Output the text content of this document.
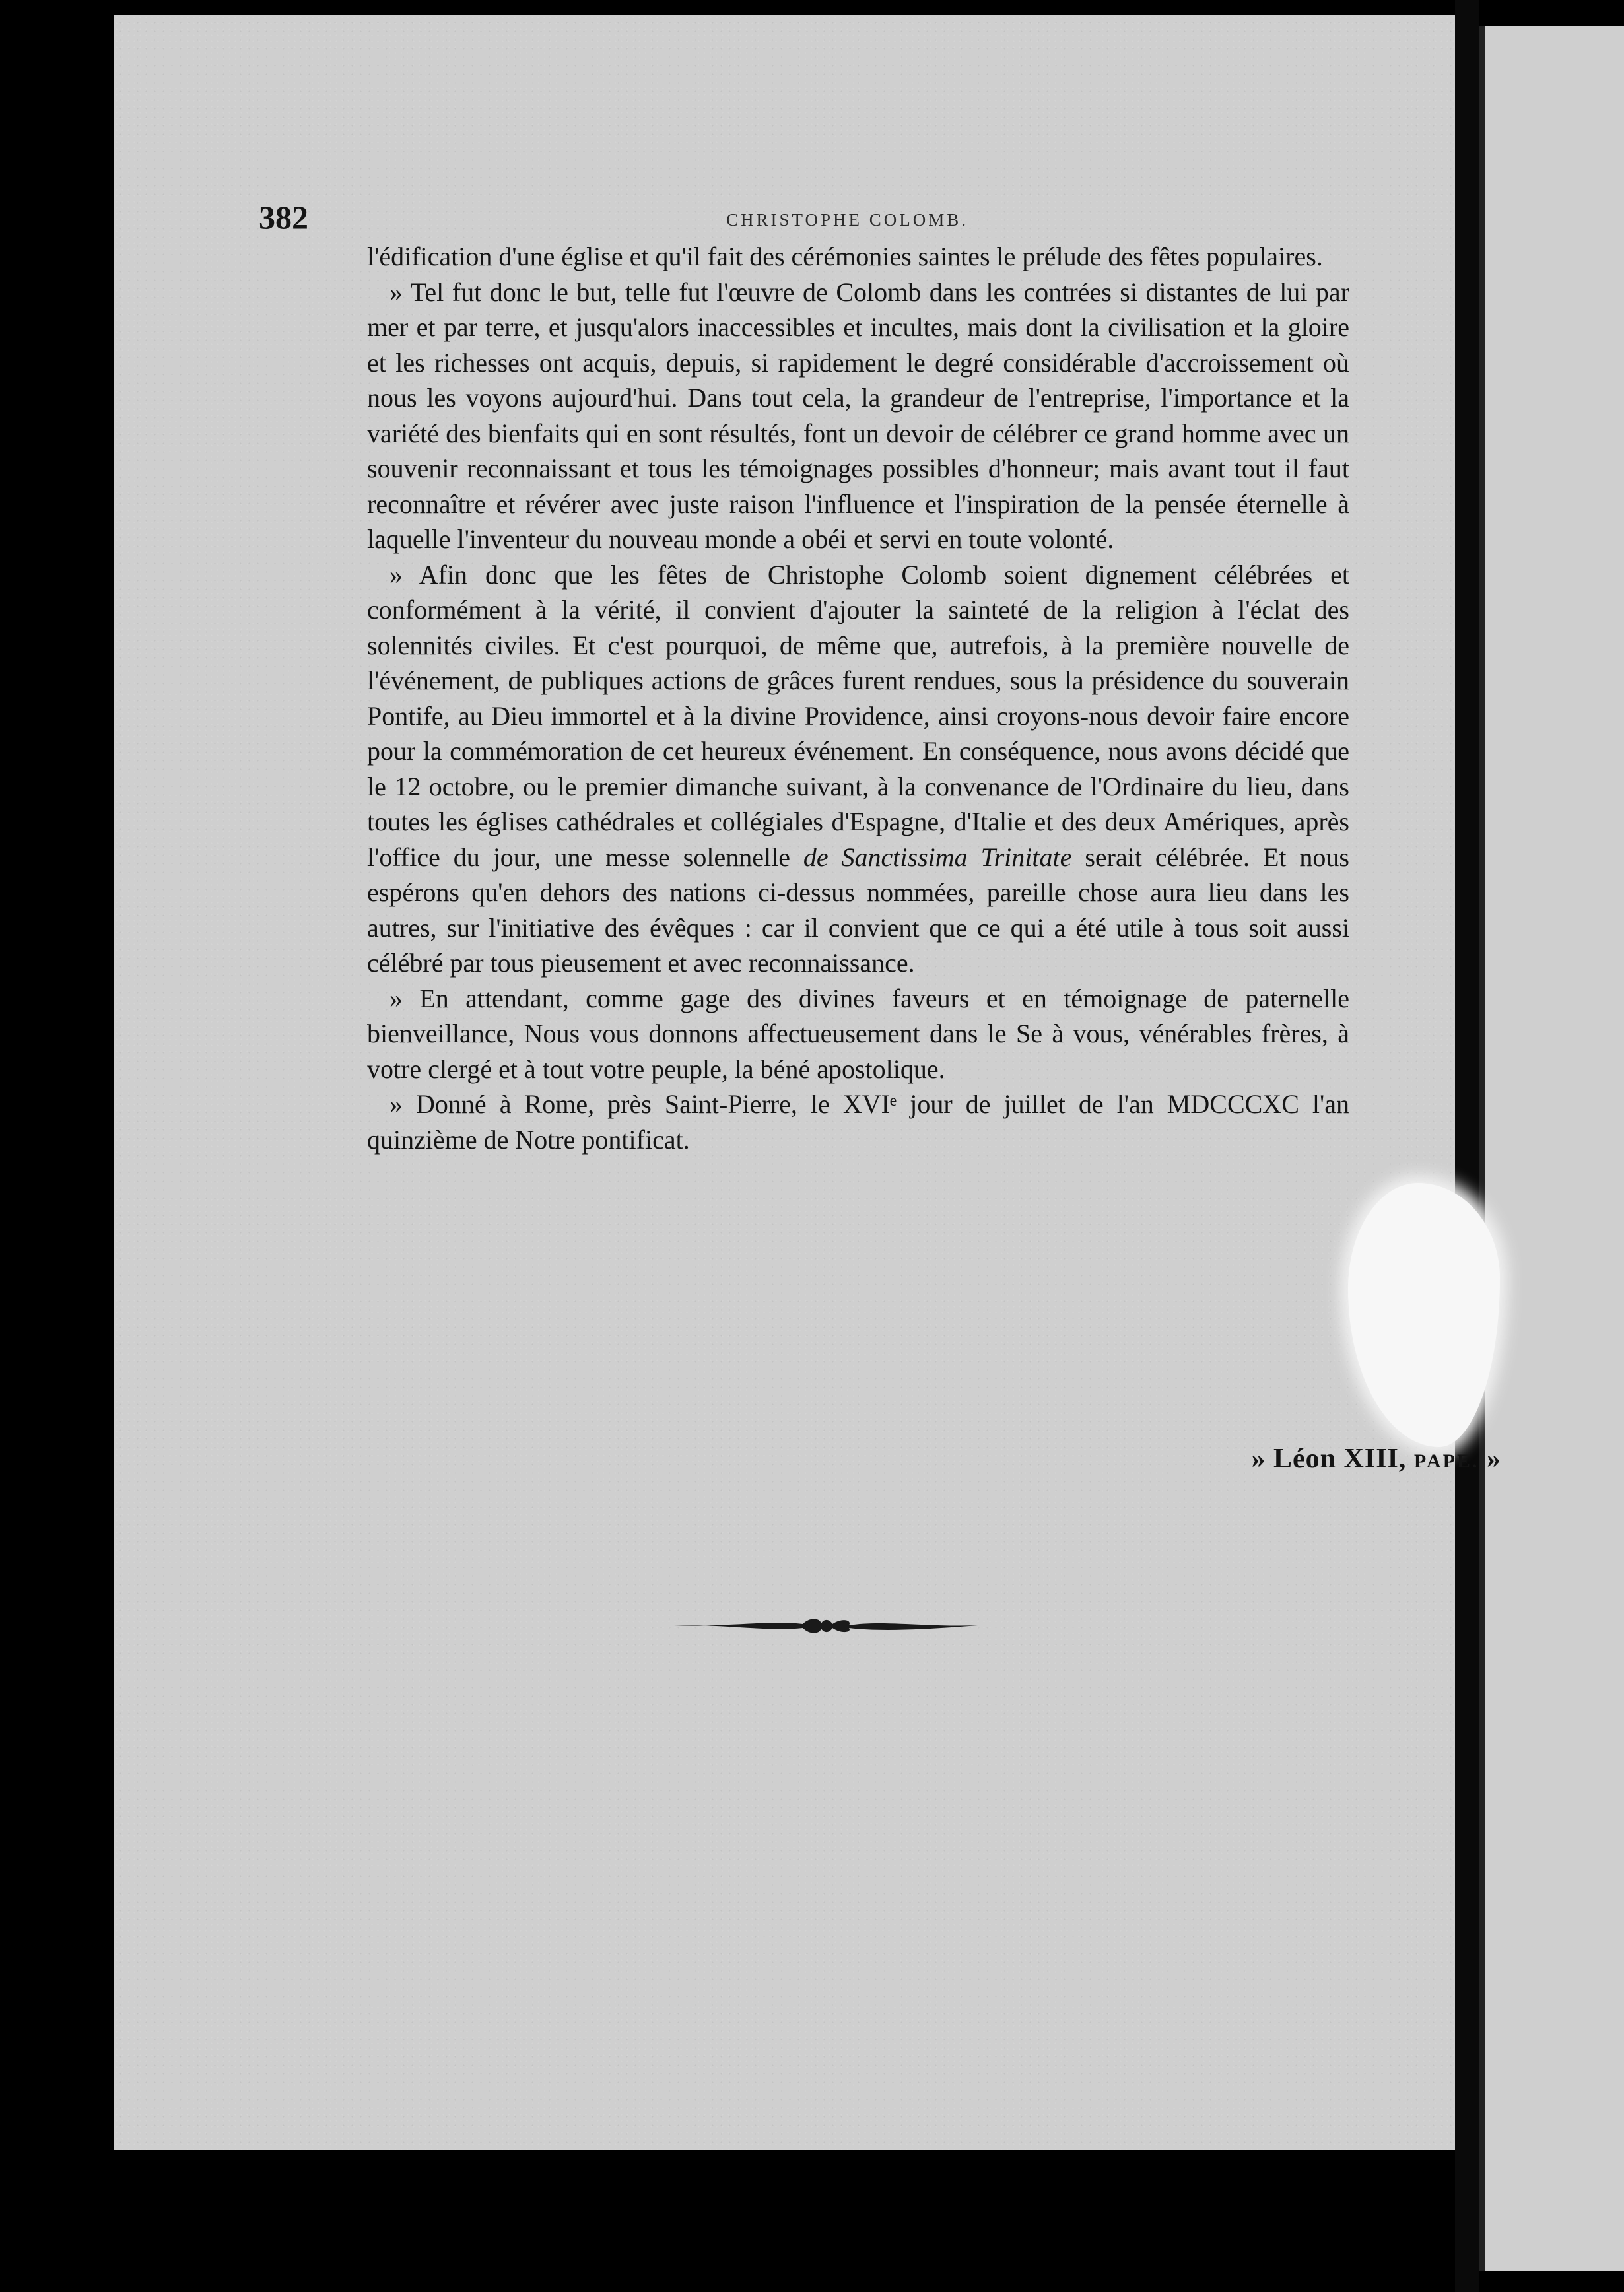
382	CHRISTOPHE COLOMB.

l'édification d'une église et qu'il fait des cérémonies saintes le prélude des fêtes populaires.

» Tel fut donc le but, telle fut l'œuvre de Colomb dans les contrées si distantes de lui par mer et par terre, et jusqu'alors inaccessibles et incultes, mais dont la civilisation et la gloire et les richesses ont acquis, depuis, si rapidement le degré considérable d'accroissement où nous les voyons aujourd'hui. Dans tout cela, la grandeur de l'entreprise, l'importance et la variété des bienfaits qui en sont résultés, font un devoir de célébrer ce grand homme avec un souvenir reconnaissant et tous les témoignages possibles d'honneur; mais avant tout il faut reconnaître et révérer avec juste raison l'influence et l'inspiration de la pensée éternelle à laquelle l'inventeur du nouveau monde a obéi et servi en toute volonté.

» Afin donc que les fêtes de Christophe Colomb soient dignement célébrées et conformément à la vérité, il convient d'ajouter la sainteté de la religion à l'éclat des solennités civiles. Et c'est pourquoi, de même que, autrefois, à la première nouvelle de l'événement, de publiques actions de grâces furent rendues, sous la présidence du souverain Pontife, au Dieu immortel et à la divine Providence, ainsi croyons-nous devoir faire encore pour la commémoration de cet heureux événement. En conséquence, nous avons décidé que le 12 octobre, ou le premier dimanche suivant, à la convenance de l'Ordinaire du lieu, dans toutes les églises cathédrales et collégiales d'Espagne, d'Italie et des deux Amériques, après l'office du jour, une messe solennelle de Sanctissima Trinitate serait célébrée. Et nous espérons qu'en dehors des nations ci-dessus nommées, pareille chose aura lieu dans les autres, sur l'initiative des évêques : car il convient que ce qui a été utile à tous soit aussi célébré par tous pieusement et avec reconnaissance.

» En attendant, comme gage des divines faveurs et en témoignage de paternelle bienveillance, Nous vous donnons affectueusement dans le Se à vous, vénérables frères, à votre clergé et à tout votre peuple, la béné apostolique.

» Donné à Rome, près Saint-Pierre, le XVIᵉ jour de juillet de l'an MDCCCXC l'an quinzième de Notre pontificat.

» Léon XIII, PAPE. »
